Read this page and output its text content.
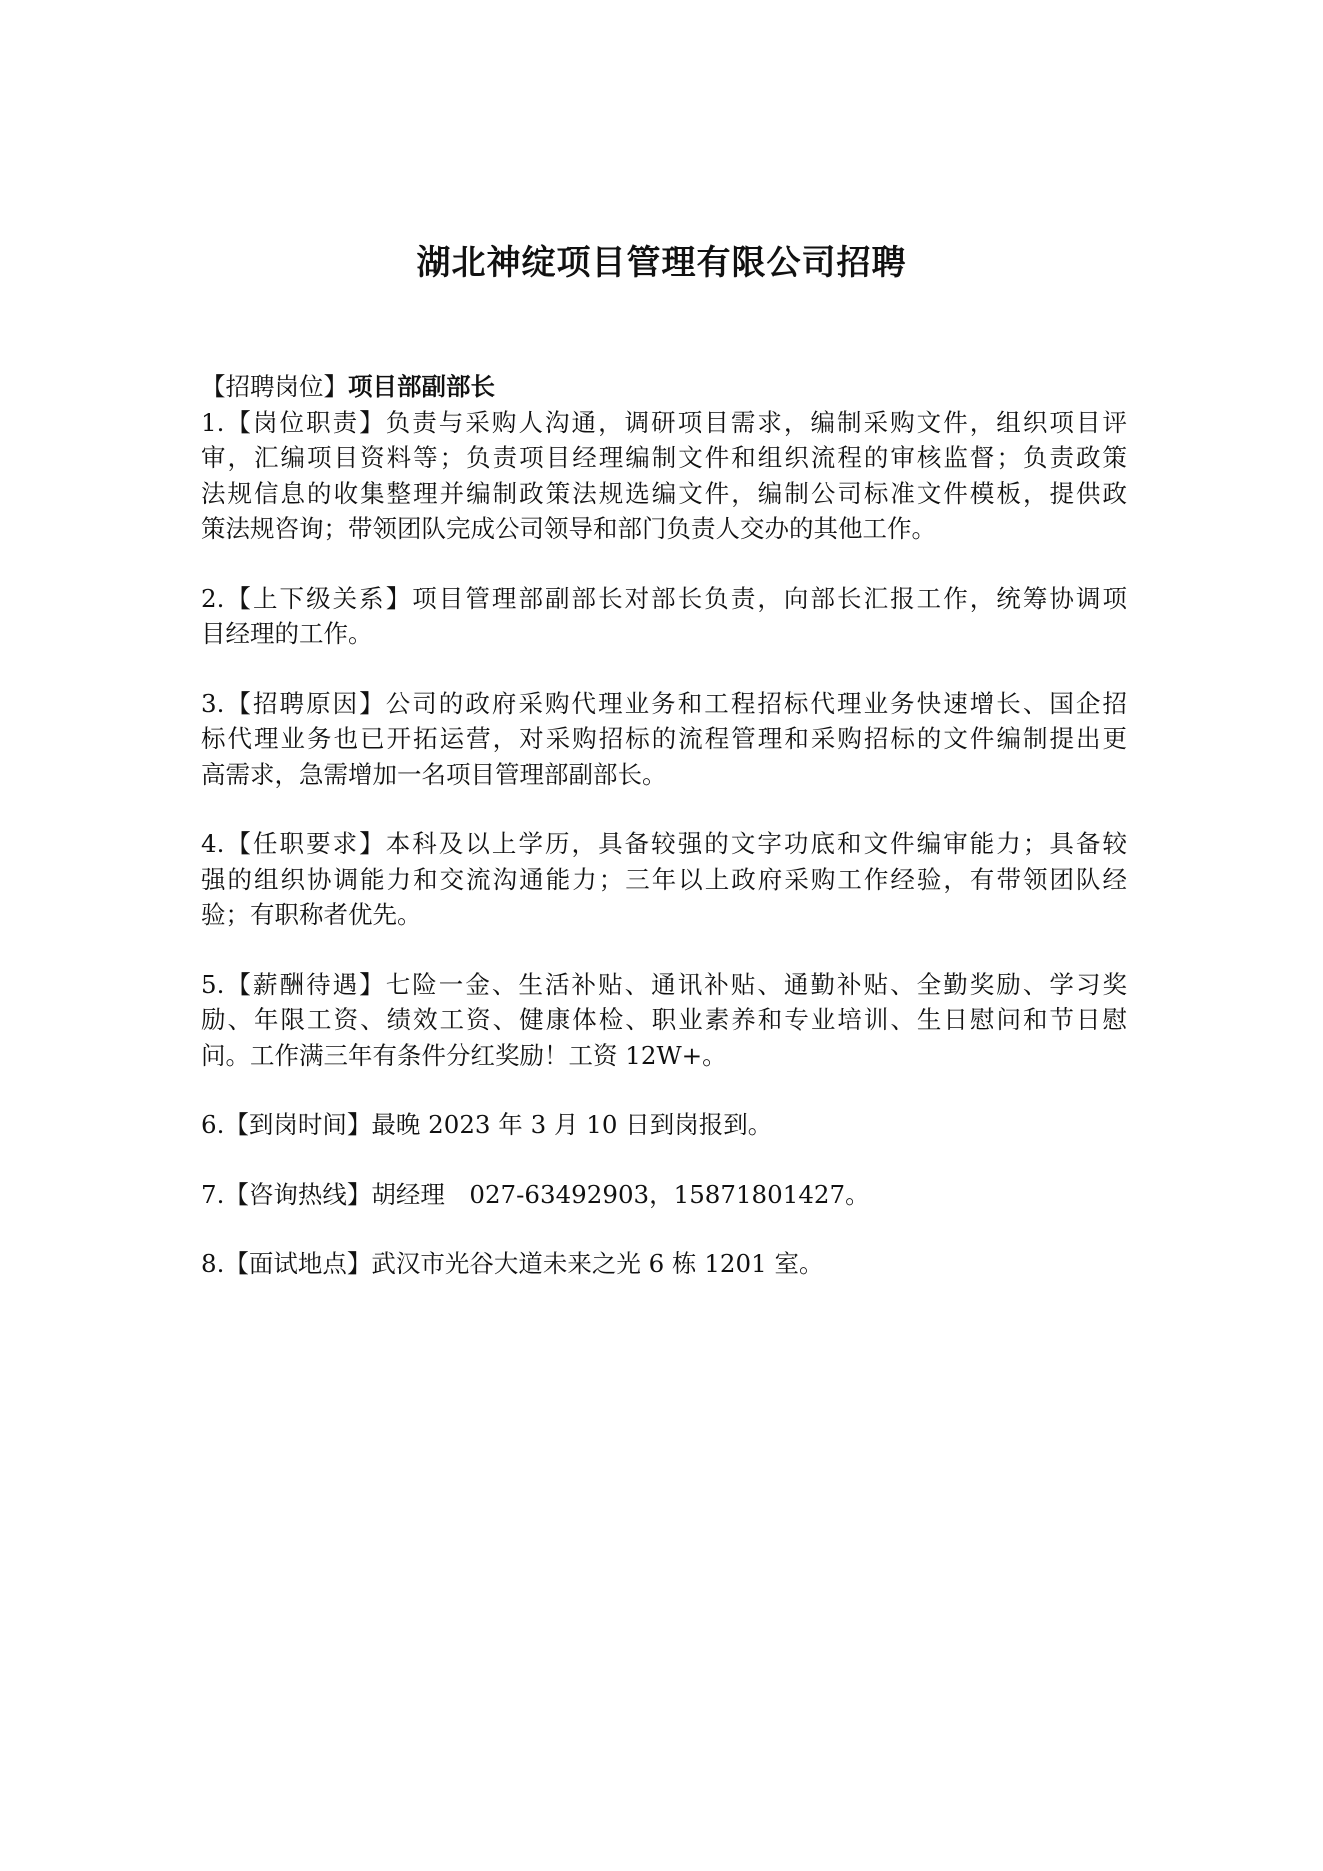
湖北神绽项目管理有限公司招聘
【招聘岗位】项目部副部长
1.【岗位职责】负责与采购人沟通，调研项目需求，编制采购文件，组织项目评
审，汇编项目资料等；负责项目经理编制文件和组织流程的审核监督；负责政策
法规信息的收集整理并编制政策法规选编文件，编制公司标准文件模板，提供政
策法规咨询；带领团队完成公司领导和部门负责人交办的其他工作。
2.【上下级关系】项目管理部副部长对部长负责，向部长汇报工作，统筹协调项
目经理的工作。
3.【招聘原因】公司的政府采购代理业务和工程招标代理业务快速增长、国企招
标代理业务也已开拓运营，对采购招标的流程管理和采购招标的文件编制提出更
高需求，急需增加一名项目管理部副部长。
4.【任职要求】本科及以上学历，具备较强的文字功底和文件编审能力；具备较
强的组织协调能力和交流沟通能力；三年以上政府采购工作经验，有带领团队经
验；有职称者优先。
5.【薪酬待遇】七险一金、生活补贴、通讯补贴、通勤补贴、全勤奖励、学习奖
励、年限工资、绩效工资、健康体检、职业素养和专业培训、生日慰问和节日慰
问。工作满三年有条件分红奖励！工资 12W+。
6.【到岗时间】最晚 2023 年 3 月 10 日到岗报到。
7.【咨询热线】胡经理　027-63492903，15871801427。
8.【面试地点】武汉市光谷大道未来之光 6 栋 1201 室。
